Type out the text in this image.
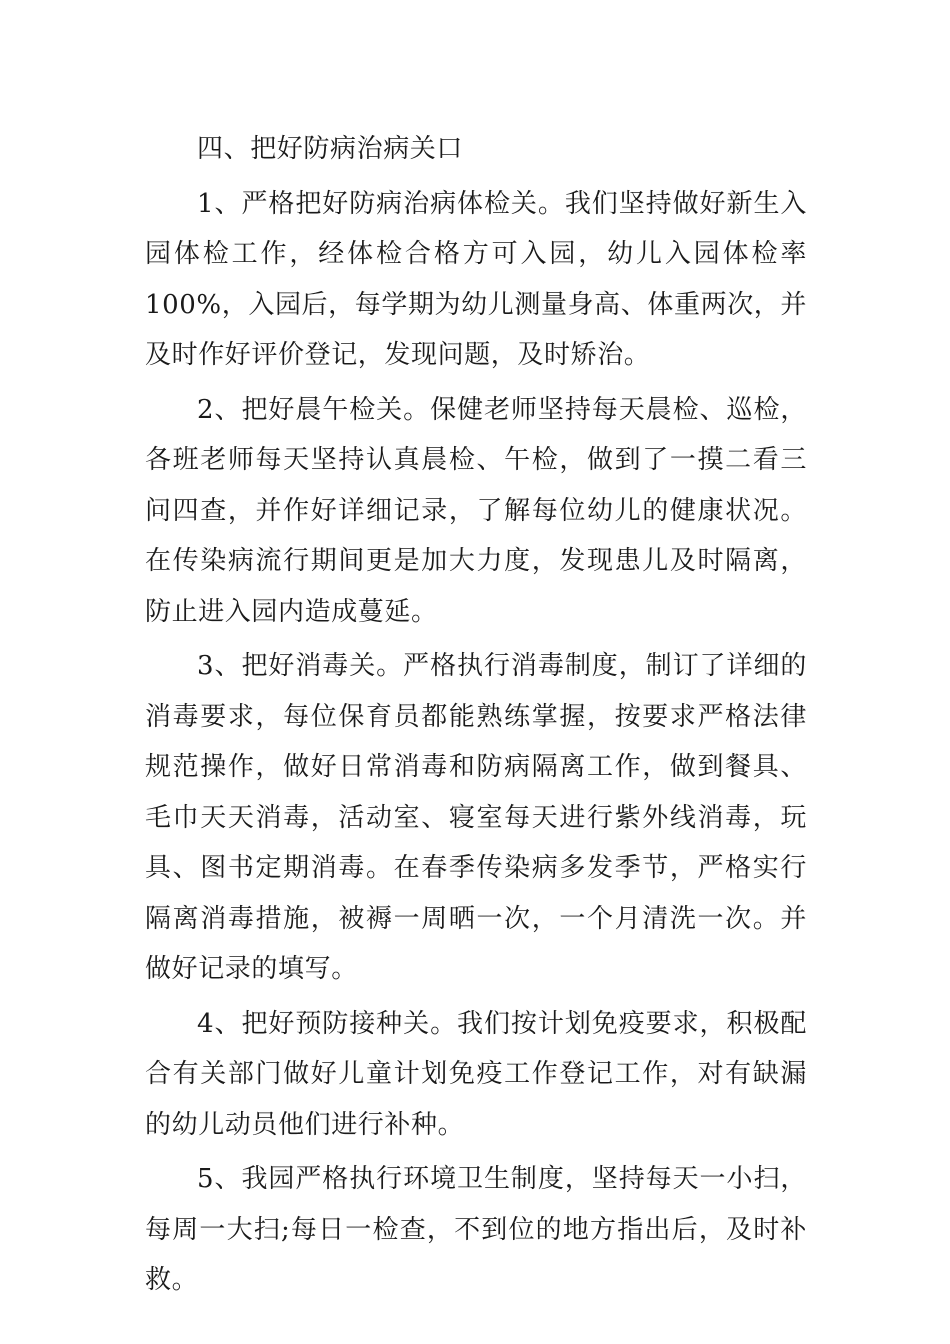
四、把好防病治病关口

1、严格把好防病治病体检关。我们坚持做好新生入园体检工作，经体检合格方可入园，幼儿入园体检率100%，入园后，每学期为幼儿测量身高、体重两次，并及时作好评价登记，发现问题，及时矫治。

2、把好晨午检关。保健老师坚持每天晨检、巡检，各班老师每天坚持认真晨检、午检，做到了一摸二看三问四查，并作好详细记录，了解每位幼儿的健康状况。在传染病流行期间更是加大力度，发现患儿及时隔离，防止进入园内造成蔓延。

3、把好消毒关。严格执行消毒制度，制订了详细的消毒要求，每位保育员都能熟练掌握，按要求严格法律规范操作，做好日常消毒和防病隔离工作，做到餐具、毛巾天天消毒，活动室、寝室每天进行紫外线消毒，玩具、图书定期消毒。在春季传染病多发季节，严格实行隔离消毒措施，被褥一周晒一次，一个月清洗一次。并做好记录的填写。

4、把好预防接种关。我们按计划免疫要求，积极配合有关部门做好儿童计划免疫工作登记工作，对有缺漏的幼儿动员他们进行补种。

5、我园严格执行环境卫生制度，坚持每天一小扫，每周一大扫;每日一检查，不到位的地方指出后，及时补救。
